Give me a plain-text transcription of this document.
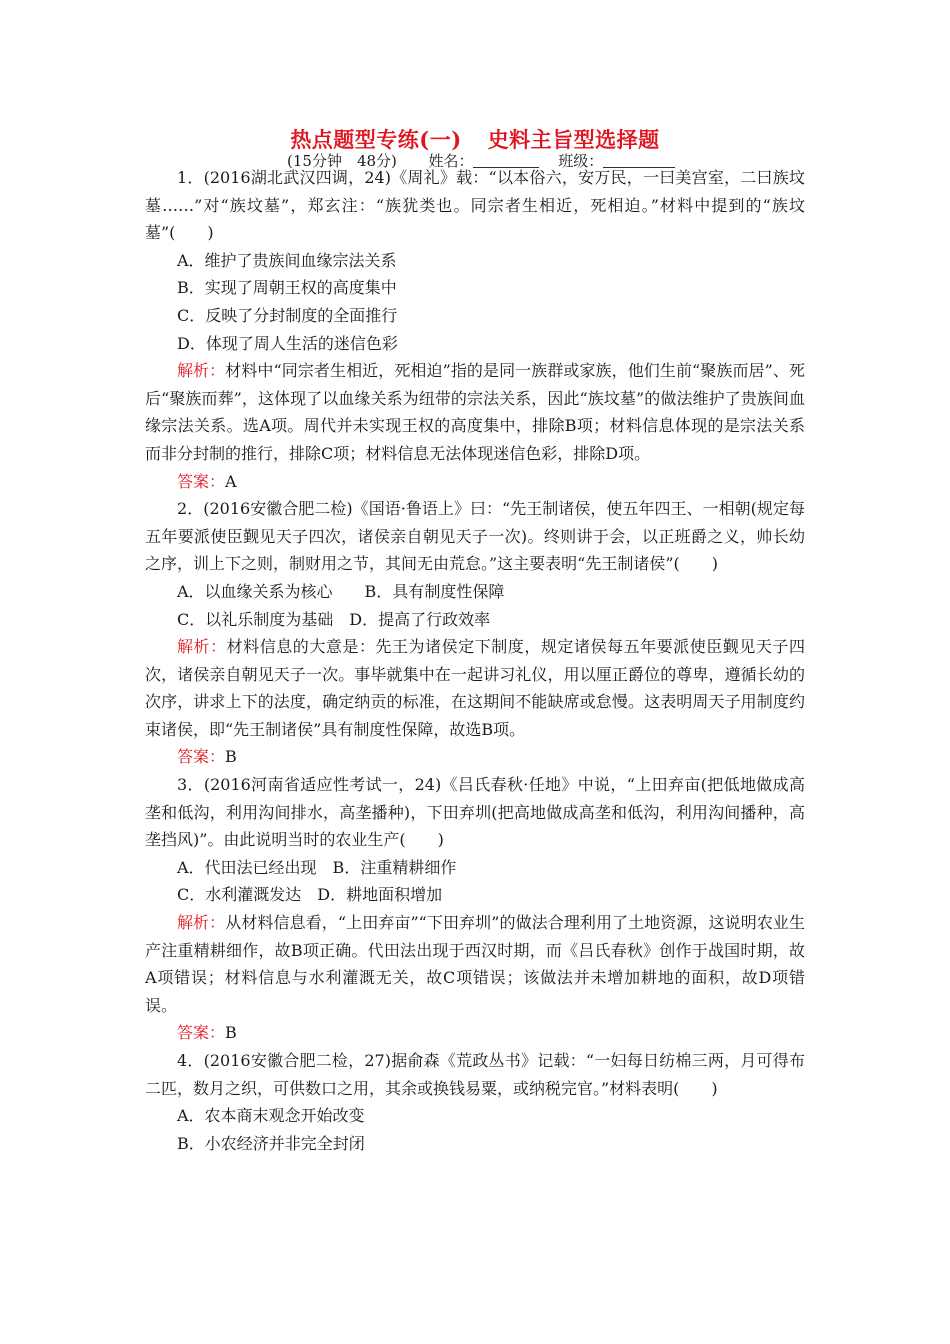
热点题型专练(一) 史料主旨型选择题
(15分钟　48分) 姓名：	班级：

1．(2016湖北武汉四调，24)《周礼》载：“以本俗六，安万民，一曰美宫室，二曰族坟墓……”对“族坟墓”，郑玄注：“族犹类也。同宗者生相近，死相迫。”材料中提到的“族坟墓”(　　)

A．维护了贵族间血缘宗法关系

B．实现了周朝王权的高度集中

C．反映了分封制度的全面推行

D．体现了周人生活的迷信色彩

解析：材料中“同宗者生相近，死相迫”指的是同一族群或家族，他们生前“聚族而居”、死后“聚族而葬”，这体现了以血缘关系为纽带的宗法关系，因此“族坟墓”的做法维护了贵族间血缘宗法关系。选A项。周代并未实现王权的高度集中，排除B项；材料信息体现的是宗法关系而非分封制的推行，排除C项；材料信息无法体现迷信色彩，排除D项。

答案：A

2．(2016安徽合肥二检)《国语·鲁语上》曰：“先王制诸侯，使五年四王、一相朝(规定每五年要派使臣觐见天子四次，诸侯亲自朝见天子一次)。终则讲于会，以正班爵之义，帅长幼之序，训上下之则，制财用之节，其间无由荒怠。”这主要表明“先王制诸侯”(　　)

A．以血缘关系为核心　　B．具有制度性保障

C．以礼乐制度为基础　D．提高了行政效率

解析：材料信息的大意是：先王为诸侯定下制度，规定诸侯每五年要派使臣觐见天子四次，诸侯亲自朝见天子一次。事毕就集中在一起讲习礼仪，用以厘正爵位的尊卑，遵循长幼的次序，讲求上下的法度，确定纳贡的标准，在这期间不能缺席或怠慢。这表明周天子用制度约束诸侯，即“先王制诸侯”具有制度性保障，故选B项。

答案：B

3．(2016河南省适应性考试一，24)《吕氏春秋·任地》中说，“上田弃亩(把低地做成高垄和低沟，利用沟间排水，高垄播种)，下田弃圳(把高地做成高垄和低沟，利用沟间播种，高垄挡风)”。由此说明当时的农业生产(　　)

A．代田法已经出现　B．注重精耕细作

C．水利灌溉发达　D．耕地面积增加

解析：从材料信息看，“上田弃亩”“下田弃圳”的做法合理利用了土地资源，这说明农业生产注重精耕细作，故B项正确。代田法出现于西汉时期，而《吕氏春秋》创作于战国时期，故A项错误；材料信息与水利灌溉无关，故C项错误；该做法并未增加耕地的面积，故D项错误。

答案：B

4．(2016安徽合肥二检，27)据俞森《荒政丛书》记载：“一妇每日纺棉三两，月可得布二匹，数月之织，可供数口之用，其余或换钱易粟，或纳税完官。”材料表明(　　)

A．农本商末观念开始改变

B．小农经济并非完全封闭
